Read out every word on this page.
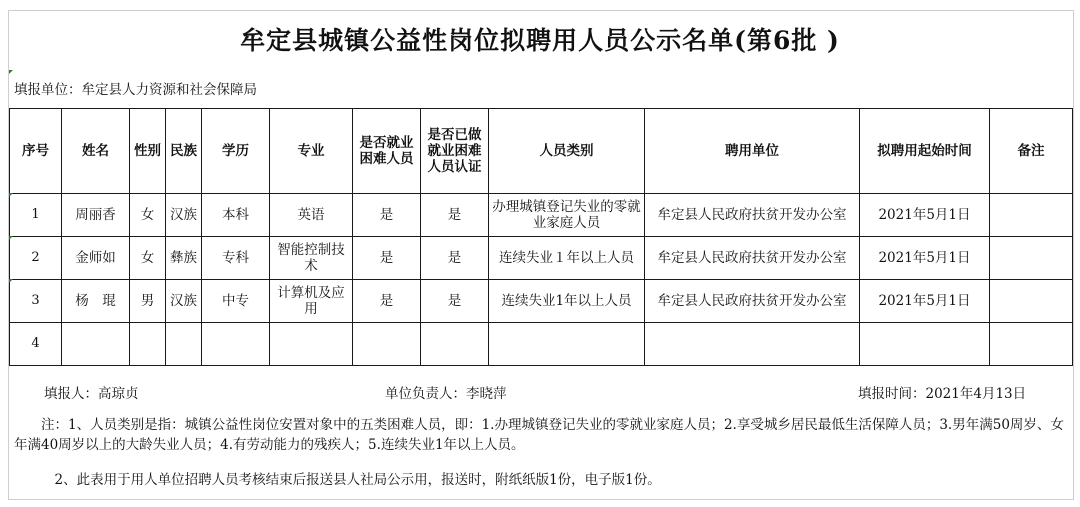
牟定县城镇公益性岗位拟聘用人员公示名单(第6批 )
填报单位：牟定县人力资源和社会保障局
序号	姓名	性别	民族	学历	专业	是否就业困难人员	是否已做就业困难人员认证	人员类别	聘用单位	拟聘用起始时间	备注
1	周丽香	女	汉族	本科	英语	是	是	办理城镇登记失业的零就业家庭人员	牟定县人民政府扶贫开发办公室	2021年5月1日	
2	金师如	女	彝族	专科	智能控制技术	是	是	连续失业１年以上人员	牟定县人民政府扶贫开发办公室	2021年5月1日	
3	杨　琨	男	汉族	中专	计算机及应用	是	是	连续失业1年以上人员	牟定县人民政府扶贫开发办公室	2021年5月1日	
4											
填报人：高琼贞	单位负责人：李晓萍	填报时间：2021年4月13日

　　注：1、人员类别是指：城镇公益性岗位安置对象中的五类困难人员，即：1.办理城镇登记失业的零就业家庭人员；2.享受城乡居民最低生活保障人员；3.男年满50周岁、女年满40周岁以上的大龄失业人员；4.有劳动能力的残疾人；5.连续失业1年以上人员。

　　　2、此表用于用人单位招聘人员考核结束后报送县人社局公示用，报送时，附纸纸版1份，电子版1份。
